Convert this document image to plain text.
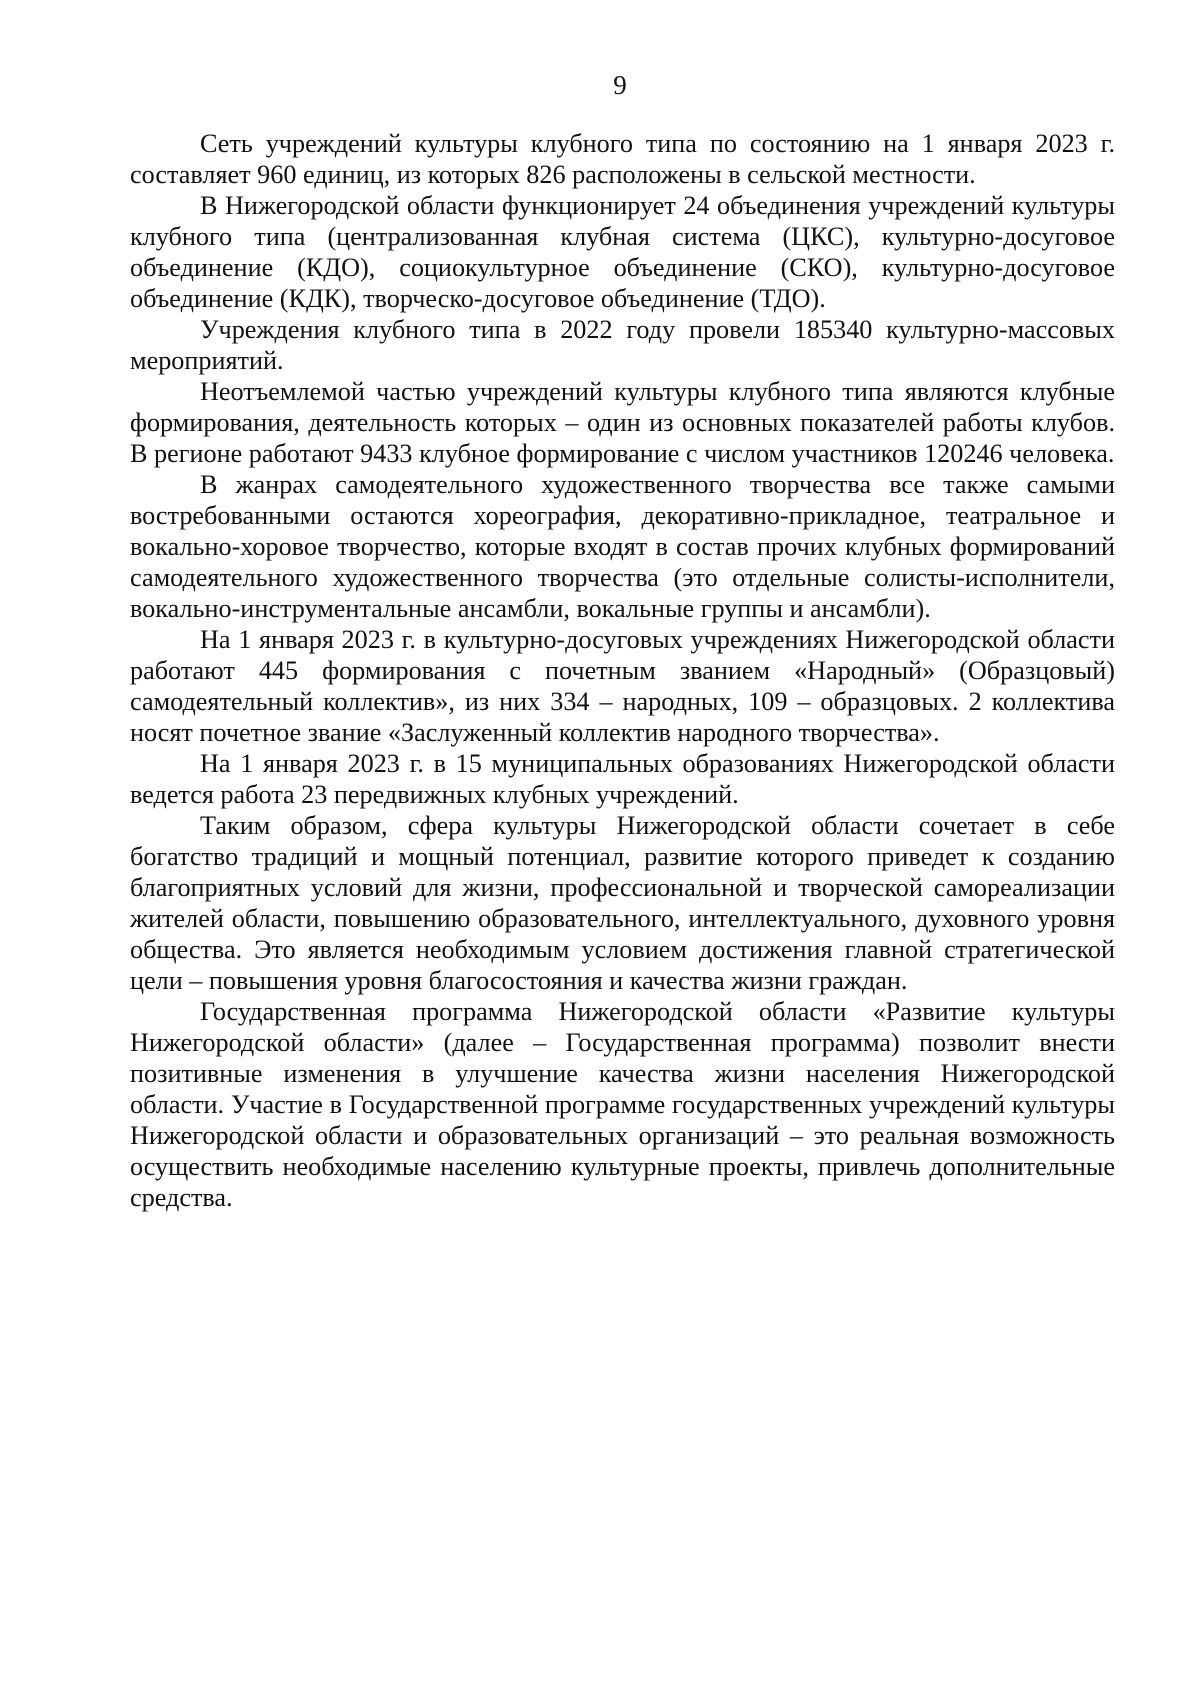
9

Сеть учреждений культуры клубного типа по состоянию на 1 января 2023 г. составляет 960 единиц, из которых 826 расположены в сельской местности.

В Нижегородской области функционирует 24 объединения учреждений культуры клубного типа (централизованная клубная система (ЦКС), культурно-досуговое объединение (КДО), социокультурное объединение (СКО), культурно-досуговое объединение (КДК), творческо-досуговое объединение (ТДО).

Учреждения клубного типа в 2022 году провели 185340 культурно-массовых мероприятий.

Неотъемлемой частью учреждений культуры клубного типа являются клубные формирования, деятельность которых – один из основных показателей работы клубов. В регионе работают 9433 клубное формирование с числом участников 120246 человека.

В жанрах самодеятельного художественного творчества все также самыми востребованными остаются хореография, декоративно-прикладное, театральное и вокально-хоровое творчество, которые входят в состав прочих клубных формирований самодеятельного художественного творчества (это отдельные солисты-исполнители, вокально-инструментальные ансамбли, вокальные группы и ансамбли).

На 1 января 2023 г. в культурно-досуговых учреждениях Нижегородской области работают 445 формирования с почетным званием «Народный» (Образцовый) самодеятельный коллектив», из них 334 – народных, 109 – образцовых. 2 коллектива носят почетное звание «Заслуженный коллектив народного творчества».

На 1 января 2023 г. в 15 муниципальных образованиях Нижегородской области ведется работа 23 передвижных клубных учреждений.

Таким образом, сфера культуры Нижегородской области сочетает в себе богатство традиций и мощный потенциал, развитие которого приведет к созданию благоприятных условий для жизни, профессиональной и творческой самореализации жителей области, повышению образовательного, интеллектуального, духовного уровня общества. Это является необходимым условием достижения главной стратегической цели – повышения уровня благосостояния и качества жизни граждан.

Государственная программа Нижегородской области «Развитие культуры Нижегородской области» (далее – Государственная программа) позволит внести позитивные изменения в улучшение качества жизни населения Нижегородской области. Участие в Государственной программе государственных учреждений культуры Нижегородской области и образовательных организаций – это реальная возможность осуществить необходимые населению культурные проекты, привлечь дополнительные средства.
